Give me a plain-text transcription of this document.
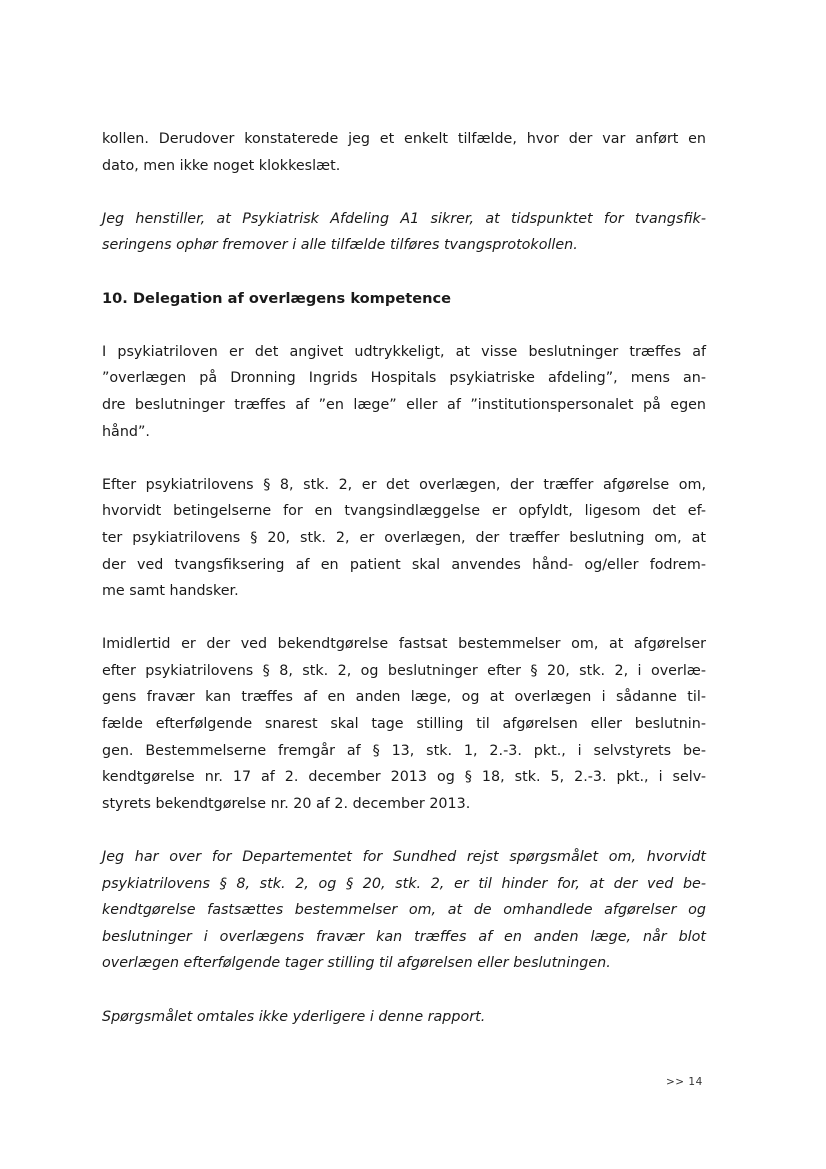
kollen. Derudover konstaterede jeg et enkelt tilfælde, hvor der var anført en
dato, men ikke noget klokkeslæt.

Jeg henstiller, at Psykiatrisk Afdeling A1 sikrer, at tidspunktet for tvangsfik-
seringens ophør fremover i alle tilfælde tilføres tvangsprotokollen.

10. Delegation af overlægens kompetence

I psykiatriloven er det angivet udtrykkeligt, at visse beslutninger træffes af
”overlægen på Dronning Ingrids Hospitals psykiatriske afdeling”, mens an-
dre beslutninger træffes af ”en læge” eller af ”institutionspersonalet på egen
hånd”.

Efter psykiatrilovens § 8, stk. 2, er det overlægen, der træffer afgørelse om,
hvorvidt betingelserne for en tvangsindlæggelse er opfyldt, ligesom det ef-
ter psykiatrilovens § 20, stk. 2, er overlægen, der træffer beslutning om, at
der ved tvangsfiksering af en patient skal anvendes hånd- og/eller fodrem-
me samt handsker.

Imidlertid er der ved bekendtgørelse fastsat bestemmelser om, at afgørelser
efter psykiatrilovens § 8, stk. 2, og beslutninger efter § 20, stk. 2, i overlæ-
gens fravær kan træffes af en anden læge, og at overlægen i sådanne til-
fælde efterfølgende snarest skal tage stilling til afgørelsen eller beslutnin-
gen. Bestemmelserne fremgår af § 13, stk. 1, 2.-3. pkt., i selvstyrets be-
kendtgørelse nr. 17 af 2. december 2013 og § 18, stk. 5, 2.-3. pkt., i selv-
styrets bekendtgørelse nr. 20 af 2. december 2013.

Jeg har over for Departementet for Sundhed rejst spørgsmålet om, hvorvidt
psykiatrilovens § 8, stk. 2, og § 20, stk. 2, er til hinder for, at der ved be-
kendtgørelse fastsættes bestemmelser om, at de omhandlede afgørelser og
beslutninger i overlægens fravær kan træffes af en anden læge, når blot
overlægen efterfølgende tager stilling til afgørelsen eller beslutningen.

Spørgsmålet omtales ikke yderligere i denne rapport.

>> 14
